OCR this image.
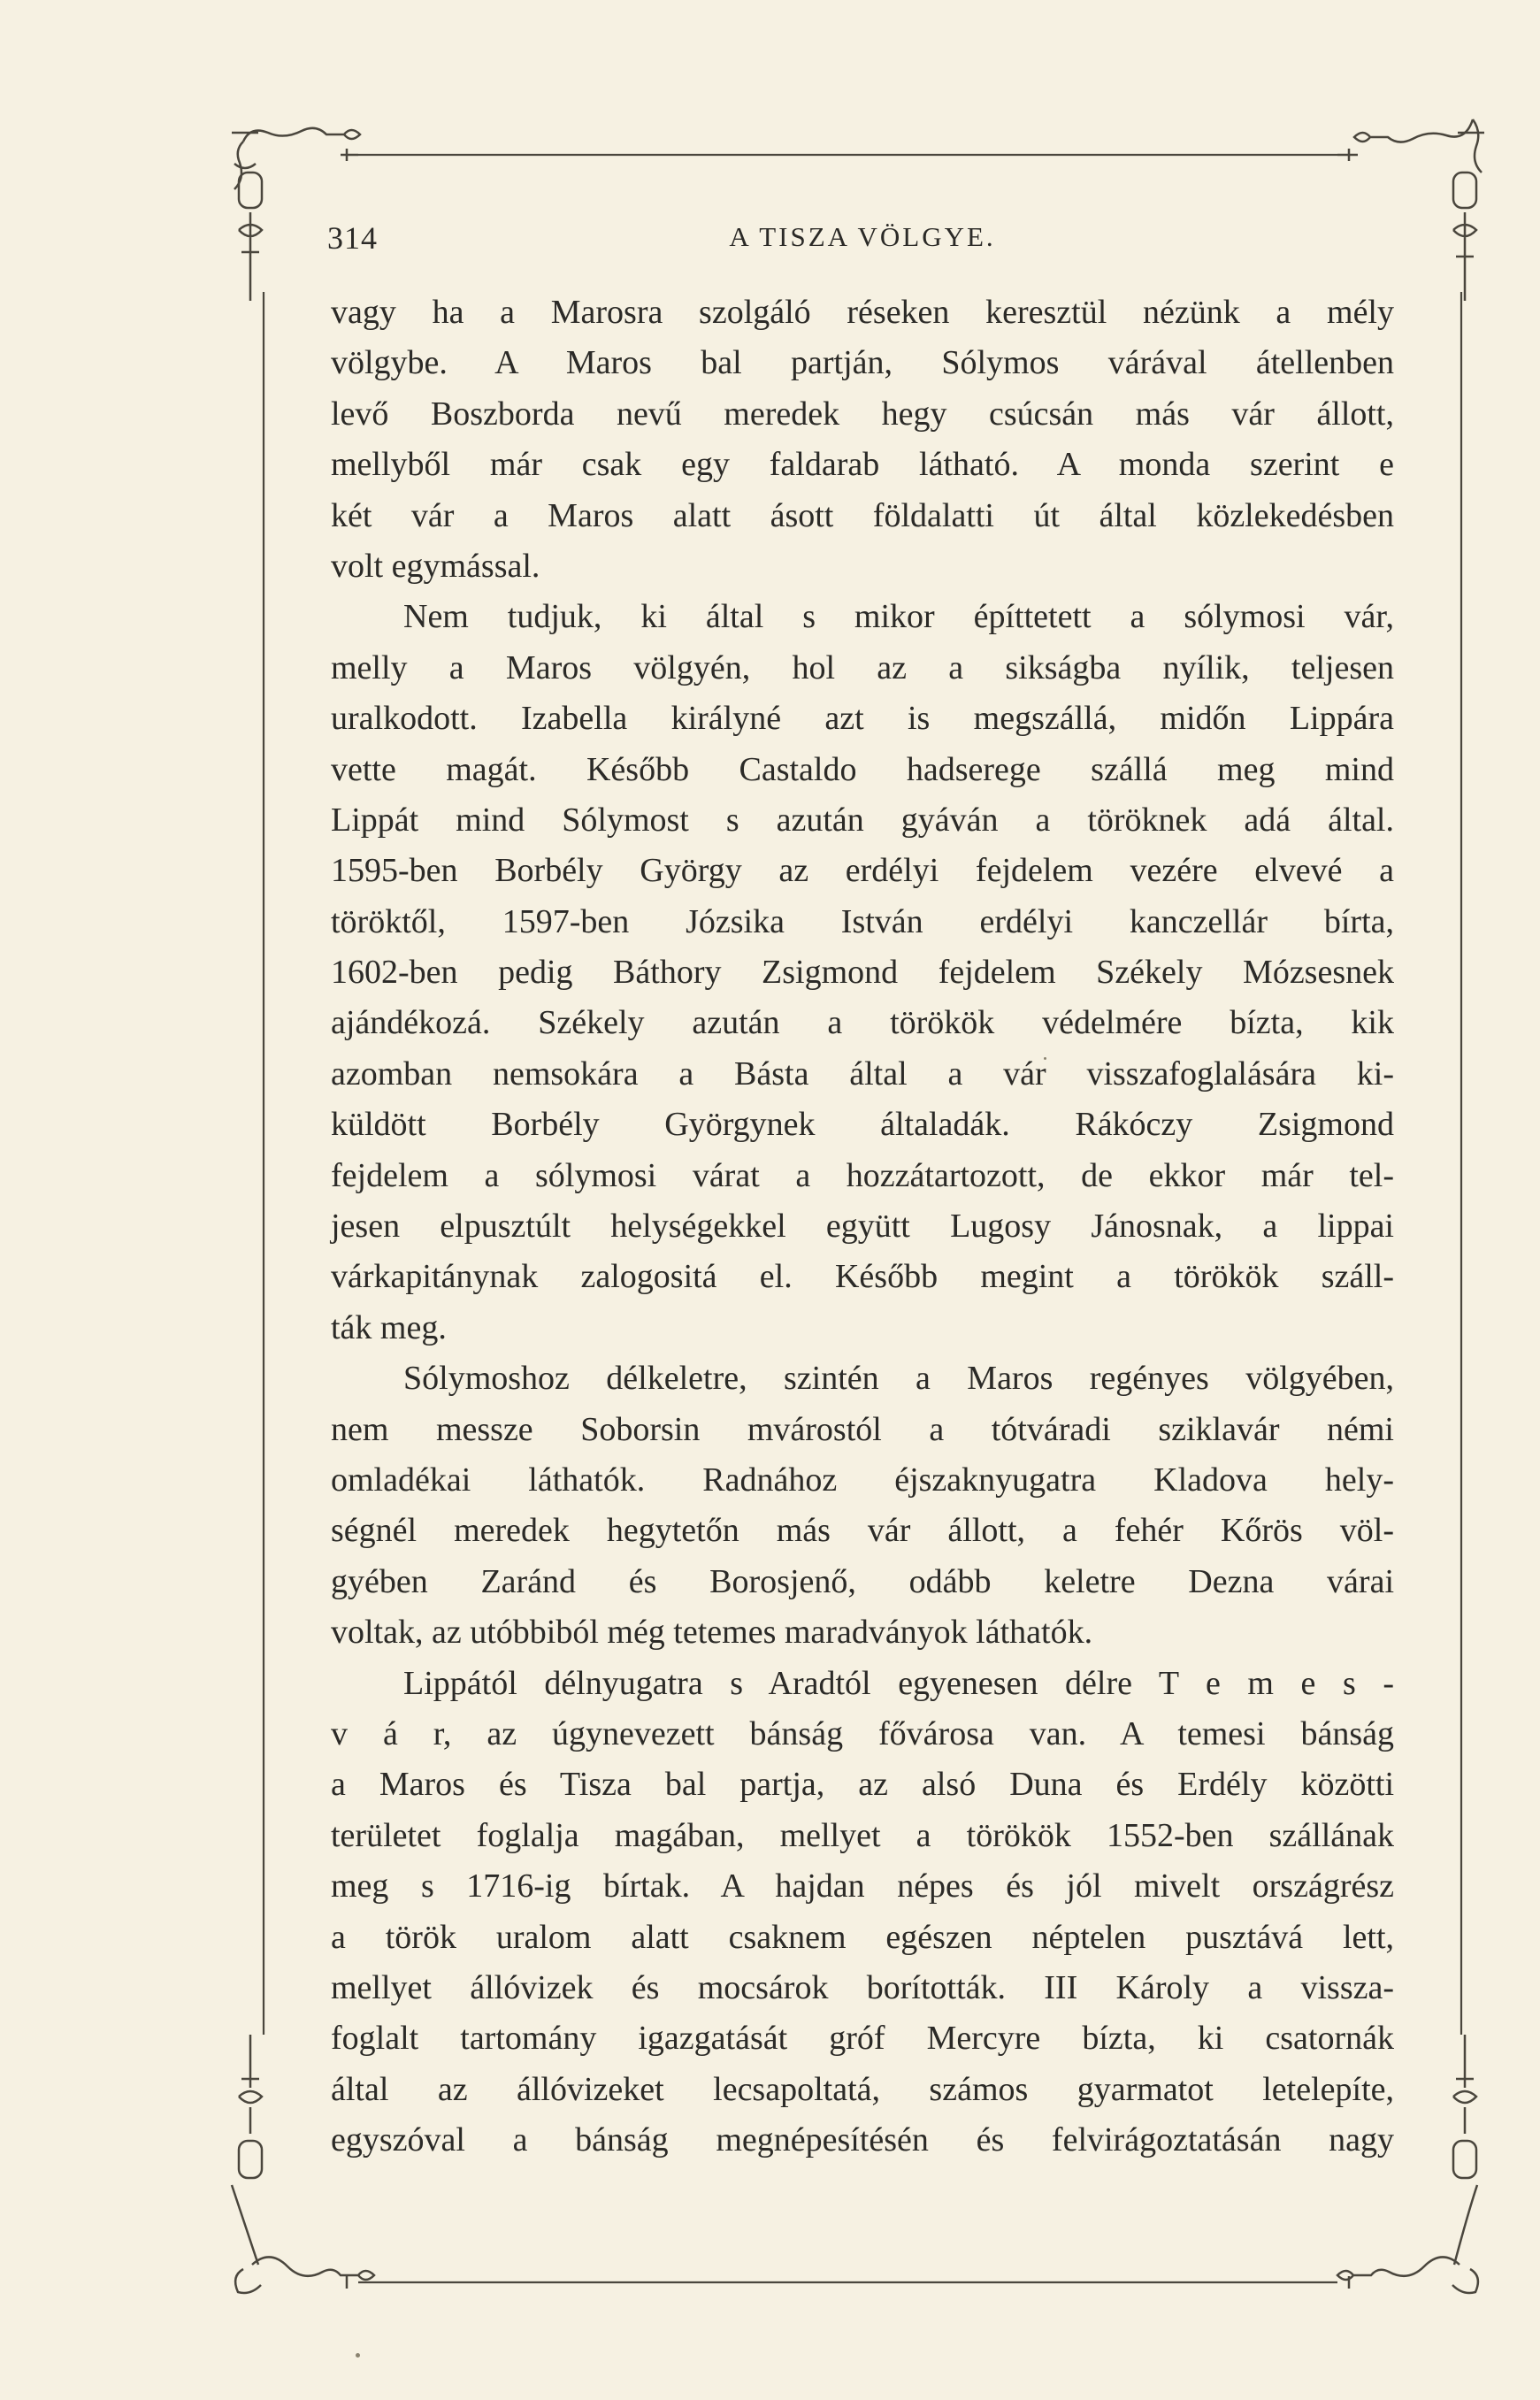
314	A TISZA VÖLGYE.
vagy ha a Marosra szolgáló réseken keresztül nézünk a mély
völgybe. A Maros bal partján, Sólymos várával átellenben
levő Boszborda nevű meredek hegy csúcsán más vár állott,
mellyből már csak egy faldarab látható. A monda szerint e
két vár a Maros alatt ásott földalatti út által közlekedésben
volt egymással.
Nem tudjuk, ki által s mikor építtetett a sólymosi vár,
melly a Maros völgyén, hol az a sikságba nyílik, teljesen
uralkodott. Izabella királyné azt is megszállá, midőn Lippára
vette magát. Később Castaldo hadserege szállá meg mind
Lippát mind Sólymost s azután gyáván a töröknek adá által.
1595-ben Borbély György az erdélyi fejdelem vezére elvevé a
töröktől, 1597-ben Józsika István erdélyi kanczellár bírta,
1602-ben pedig Báthory Zsigmond fejdelem Székely Mózsesnek
ajándékozá. Székely azután a törökök védelmére bízta, kik
azomban nemsokára a Básta által a vár visszafoglalására ki-
küldött Borbély Györgynek általadák. Rákóczy Zsigmond
fejdelem a sólymosi várat a hozzátartozott, de ekkor már tel-
jesen elpusztúlt helységekkel együtt Lugosy Jánosnak, a lippai
várkapitánynak zalogositá el. Később megint a törökök száll-
ták meg.
Sólymoshoz délkeletre, szintén a Maros regényes völgyében,
nem messze Soborsin mvárostól a tótváradi sziklavár némi
omladékai láthatók. Radnához éjszaknyugatra Kladova hely-
ségnél meredek hegytetőn más vár állott, a fehér Kőrös völ-
gyében Zaránd és Borosjenő, odább keletre Dezna várai
voltak, az utóbbiból még tetemes maradványok láthatók.
Lippától délnyugatra s Aradtól egyenesen délre T e m e s -
v á r, az úgynevezett bánság fővárosa van. A temesi bánság
a Maros és Tisza bal partja, az alsó Duna és Erdély közötti
területet foglalja magában, mellyet a törökök 1552-ben szállának
meg s 1716-ig bírtak. A hajdan népes és jól mivelt országrész
a török uralom alatt csaknem egészen néptelen pusztává lett,
mellyet állóvizek és mocsárok borították. III Károly a vissza-
foglalt tartomány igazgatását gróf Mercyre bízta, ki csatornák
által az állóvizeket lecsapoltatá, számos gyarmatot letelepíte,
egyszóval a bánság megnépesítésén és felvirágoztatásán nagy
